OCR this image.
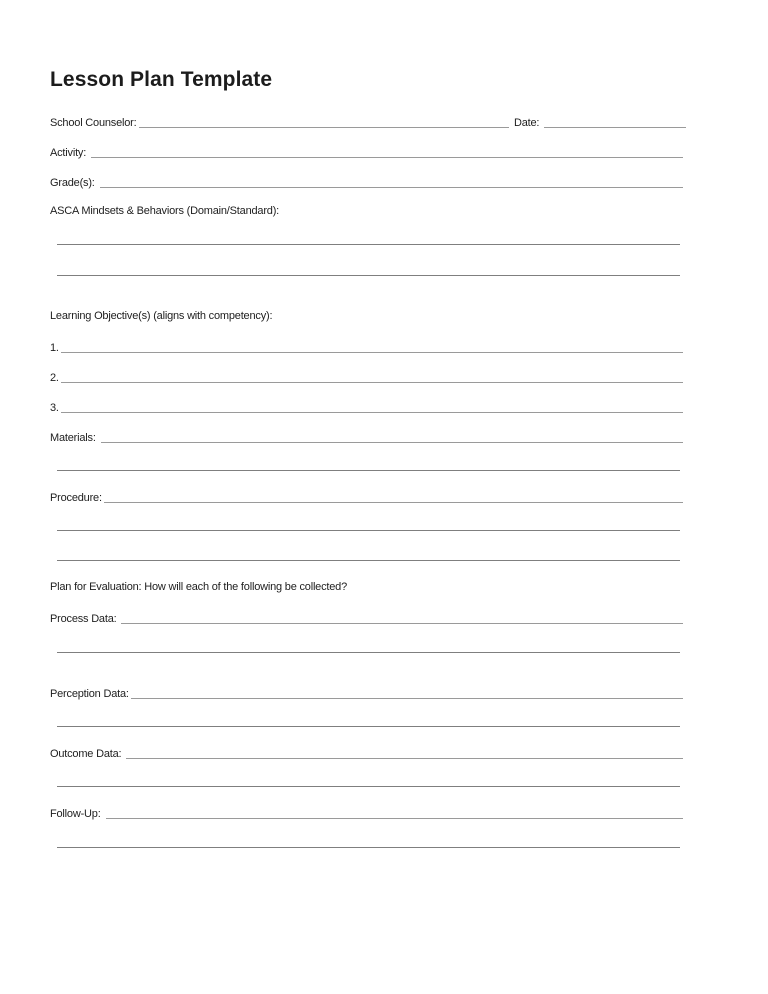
Lesson Plan Template
School Counselor:	Date:
Activity:
Grade(s):
ASCA Mindsets & Behaviors (Domain/Standard):
Learning Objective(s) (aligns with competency):
1.
2.
3.
Materials:
Procedure:
Plan for Evaluation: How will each of the following be collected?
Process Data:
Perception Data:
Outcome Data:
Follow-Up:
